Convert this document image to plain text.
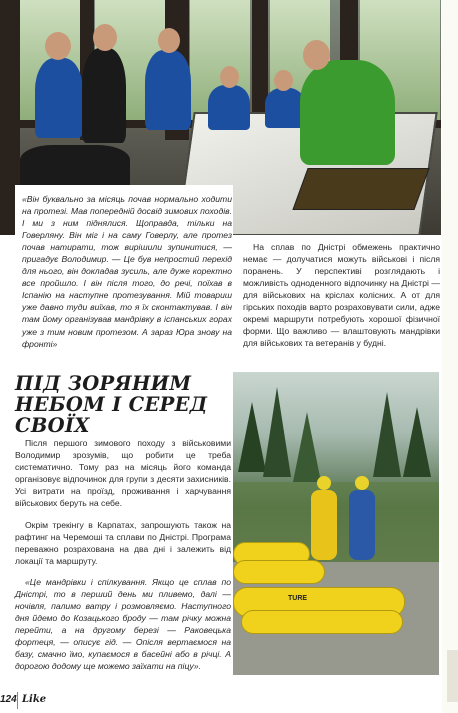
«Він буквально за місяць почав нормально ходити на протезі. Мав попередній досвід зимових походів. І ми з ним піднялися. Щоправда, тільки на Говерляну. Він міг і на саму Говерлу, але протез почав натирати, тож вирішили зупинитися, — пригадує Володимир. — Це був непростий перехід для нього, він докладав зусиль, але дуже коректно все пройшло. І він після того, до речі, поїхав в Іспанію на наступне протезування. Мій товариш уже давно туди виїхав, то я їх сконтактував. І він там йому організував мандрівку в іспанських горах уже з тим новим протезом. А зараз Юра знову на фронті»

На сплав по Дністрі обмежень практично немає — долучатися можуть військові і після поранень. У перспективі розглядають і можливість одноденного відпочинку на Дністрі — для військових на кріслах колісних. А от для гірських походів варто розраховувати сили, адже окремі маршрути потребують хорошої фізичної форми. Що важливо — влаштовують мандрівки для військових та ветеранів у будні.

ПІД ЗОРЯНИМ НЕБОМ І СЕРЕД СВОЇХ

Після першого зимового походу з військовими Володимир зрозумів, що робити це треба систематично. Тому раз на місяць його команда організовує відпочинок для групи з десяти захисників. Усі витрати на проїзд, проживання і харчування військових беруть на себе.

Окрім трекінгу в Карпатах, запрошують також на рафтинг на Черемоші та сплави по Дністрі. Програма переважно розрахована на два дні і залежить від локації та маршруту.

«Це мандрівки і спілкування. Якщо це сплав по Дністрі, то в перший день ми пливемо, далі — ночівля, палимо ватру і розмовляємо. Наступного дня йдемо до Козацького броду — там річку можна перейти, а на другому березі — Раковецька фортеця, — описує гід. — Опісля вертаємося на базу, смачно їмо, купаємося в басейні або в річці. А дорогою додому ще можемо заїхати на піцу».

TURE
124 Like
